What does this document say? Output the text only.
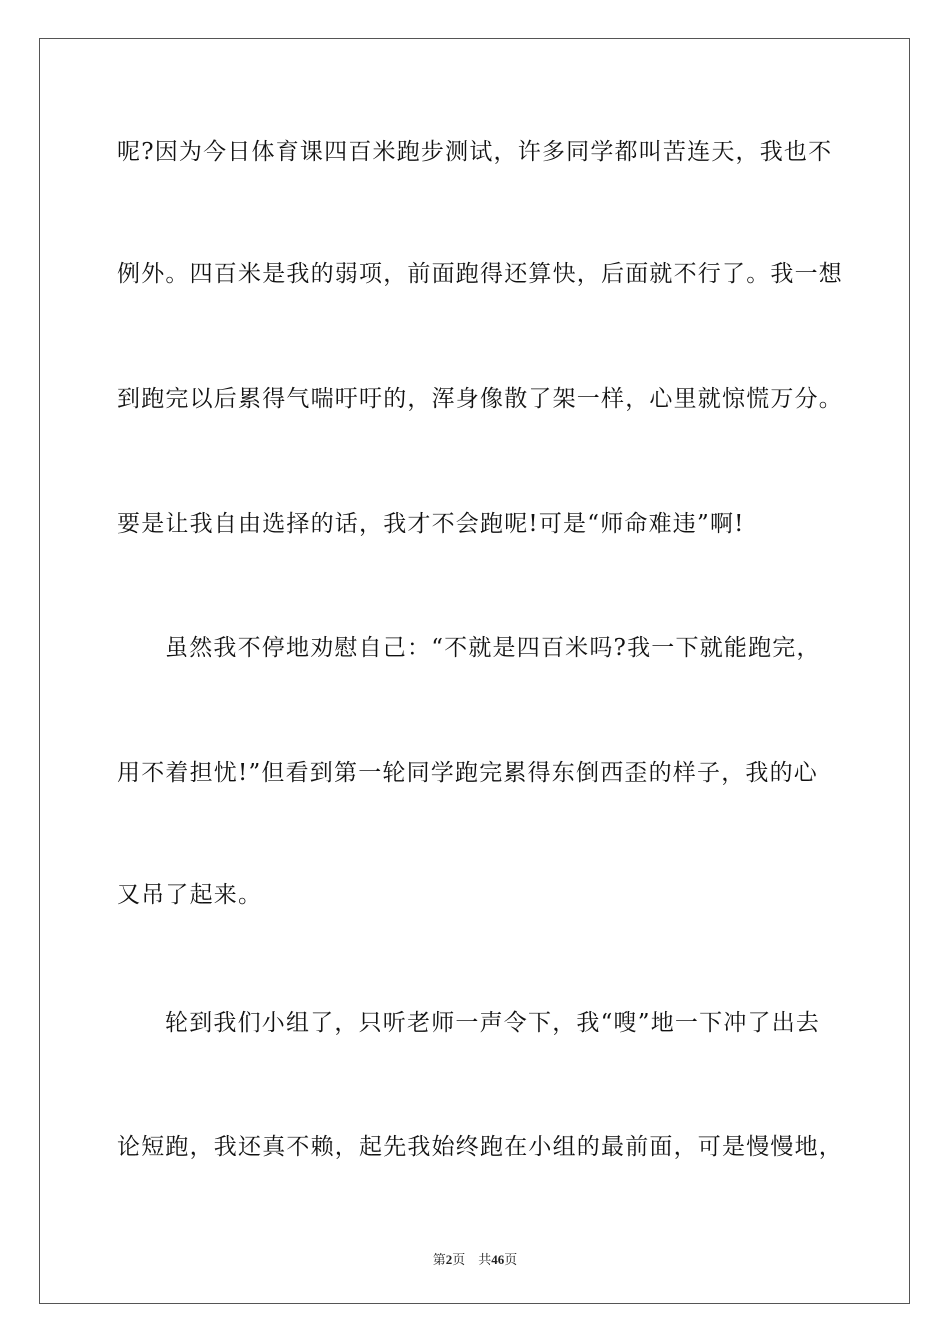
呢?因为今日体育课四百米跑步测试，许多同学都叫苦连天，我也不
例外。四百米是我的弱项，前面跑得还算快，后面就不行了。我一想
到跑完以后累得气喘吁吁的，浑身像散了架一样，心里就惊慌万分。
要是让我自由选择的话，我才不会跑呢!可是“师命难违”啊!
虽然我不停地劝慰自己：“不就是四百米吗?我一下就能跑完，
用不着担忧!”但看到第一轮同学跑完累得东倒西歪的样子，我的心
又吊了起来。
轮到我们小组了，只听老师一声令下，我“嗖”地一下冲了出去
论短跑，我还真不赖，起先我始终跑在小组的最前面，可是慢慢地，
第2页 共46页
